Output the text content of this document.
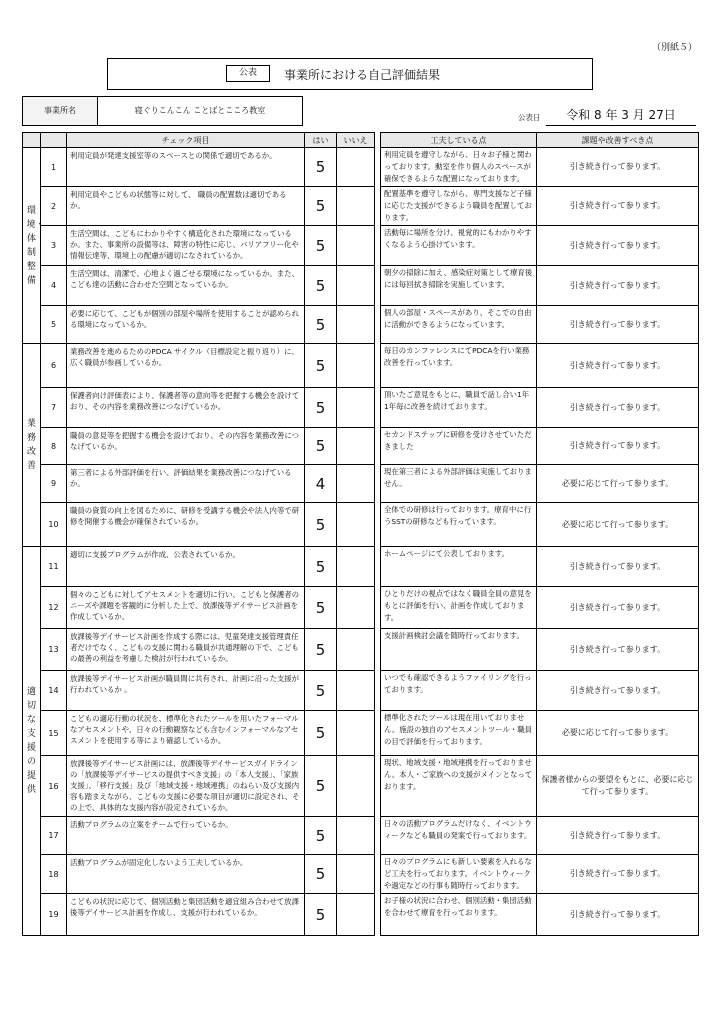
（別紙５）
公表	事業所における自己評価結果
事業所名	寝ぐりこんこん ことばとこころ教室
公表日	令和 8 年 3 月 27日
		チェック項目	はい	いいえ		工夫している点	課題や改善すべき点
環境・体制整備	1	利用定員が発達支援室等のスペースとの関係で適切であるか。	5			利用定員を遵守しながら、日々お子様と関わっております。動室を作り個人のスペースが確保できるような配置になっております。	引き続き行って参ります。
	2	利用定員やこどもの状態等に対して、 職員の配置数は適切であるか。	5			配置基準を遵守しながら、専門支援など子様に応じた支援ができるよう職員を配置しております。	引き続き行って参ります。
	3	生活空間は、こどもにわかりやすく構造化された環境になっているか。また、事業所の設備等は、障害の特性に応じ、バリアフリー化や情報伝達等、環境上の配慮が適切になされているか。	5			活動毎に場所を分け、視覚的にもわかりやすくなるよう心掛けています。	引き続き行って参ります。
	4	生活空間は、清潔で、心地よく過ごせる環境になっているか。また、こども達の活動に合わせた空間となっているか。	5			朝夕の掃除に加え、感染症対策として療育後には毎回拭き掃除を実施しています。	引き続き行って参ります。
	5	必要に応じて、こどもが個別の部屋や場所を使用することが認められる環境になっているか。	5			個人の部屋・スペースがあり、そこでの自由に活動ができるようになっています。	引き続き行って参ります。
業務改善	6	業務改善を進めるためのPDCA サイクル（目標設定と振り返り）に、広く職員が参画しているか。	5			毎日のカンファレンスにてPDCAを行い業務改善を行っています。	引き続き行って参ります。
	7	保護者向け評価表により、保護者等の意向等を把握する機会を設けており、その内容を業務改善につなげているか。	5			頂いたご意見をもとに、職員で話し合い1年1年毎に改善を続けております。	引き続き行って参ります。
	8	職員の意見等を把握する機会を設けており、その内容を業務改善につなげているか。	5			セカンドステップに研修を受けさせていただきました	引き続き行って参ります。
	9	第三者による外部評価を行い、評価結果を業務改善につなげているか。	4			現在第三者による外部評価は実施しておりません。	必要に応じて行って参ります。
	10	職員の資質の向上を図るために、研修を受講する機会や法人内等で研修を開催する機会が確保されているか。	5			全体での研修は行っております。療育中に行うSSTの研修なども行っています。	必要に応じて行って参ります。
適切な支援の提供	11	適切に支援プログラムが作成、公表されているか。	5			ホームページにて公表しております。	引き続き行って参ります。
	12	個々のこどもに対してアセスメントを適切に行い、こどもと保護者のニーズや課題を客観的に分析した上で、放課後等デイサービス計画を作成しているか。	5			ひとりだけの視点ではなく職員全員の意見をもとに評価を行い、計画を作成しております。	引き続き行って参ります。
	13	放課後等デイサービス計画を作成する際には、児童発達支援管理責任者だけでなく、こどもの支援に関わる職員が共通理解の下で、こどもの最善の利益を考慮した検討が行われているか。	5			支援計画検討会議を随時行っております。	引き続き行って参ります。
	14	放課後等デイサービス計画が職員間に共有され、計画に沿った支援が行われているか 。	5			いつでも確認できるようファイリングを行っております。	引き続き行って参ります。
	15	こどもの適応行動の状況を、標準化されたツールを用いたフォーマルなアセスメントや、日々の行動観察なども含むインフォーマルなアセスメントを使用する等により確認しているか。	5			標準化されたツールは現在用いておりません。施設の独自のアセスメントツール・職員の目で評価を行っております。	必要に応じて行って参ります。
	16	放課後等デイサービス計画には、放課後等デイサービスガイドラインの「放課後等デイサービスの提供すべき支援」の「本人支援」、「家族支援」、「移行支援」及び「地域支援・地域連携」のねらい及び支援内容も踏まえながら、こどもの支援に必要な項目が適切に設定され、その上で、具体的な支援内容が設定されているか。	5			現状、地域支援・地域連携を行っておりません。本人・ご家族への支援がメインとなっております。	保護者様からの要望をもとに、必要に応じて行って参ります。
	17	活動プログラムの立案をチームで行っているか。	5			日々の活動プログラムだけなく、イベントウィークなども職員の発案で行っております。	引き続き行って参ります。
	18	活動プログラムが固定化しないよう工夫しているか。	5			日々のプログラムにも新しい要素を入れるなど工夫を行っております。イベントウィークや過定などの行事も随時行っております。	引き続き行って参ります。
	19	こどもの状況に応じて、個別活動と集団活動を適宜組み合わせて放課後等デイサービス計画を作成し、支援が行われているか。	5			お子様の状況に合わせ、個別活動・集団活動を合わせて療育を行っております。	引き続き行って参ります。
